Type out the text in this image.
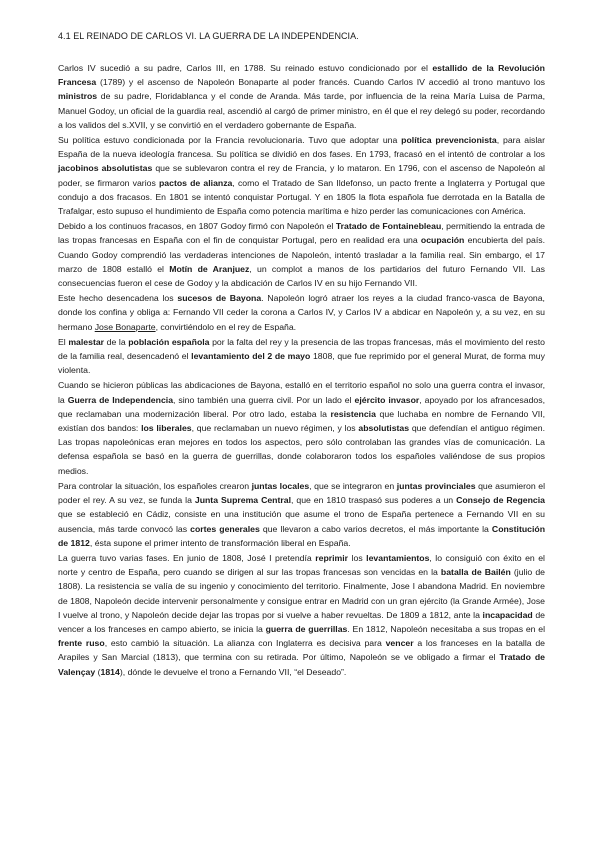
4.1 EL REINADO DE CARLOS VI. LA GUERRA DE LA INDEPENDENCIA.

Carlos IV sucedió a su padre, Carlos III, en 1788. Su reinado estuvo condicionado por el estallido de la Revolución Francesa (1789) y el ascenso de Napoleón Bonaparte al poder francés. Cuando Carlos IV accedió al trono mantuvo los ministros de su padre, Floridablanca y el conde de Aranda. Más tarde, por influencia de la reina María Luisa de Parma, Manuel Godoy, un oficial de la guardia real, ascendió al cargó de primer ministro, en él que el rey delegó su poder, recordando a los validos del s.XVII, y se convirtió en el verdadero gobernante de España.

Su política estuvo condicionada por la Francia revolucionaria. Tuvo que adoptar una política prevencionista, para aislar España de la nueva ideología francesa. Su política se dividió en dos fases. En 1793, fracasó en el intentó de controlar a los jacobinos absolutistas que se sublevaron contra el rey de Francia, y lo mataron. En 1796, con el ascenso de Napoleón al poder, se firmaron varios pactos de alianza, como el Tratado de San Ildefonso, un pacto frente a Inglaterra y Portugal que condujo a dos fracasos. En 1801 se intentó conquistar Portugal. Y en 1805 la flota española fue derrotada en la Batalla de Trafalgar, esto supuso el hundimiento de España como potencia marítima e hizo perder las comunicaciones con América.

Debido a los continuos fracasos, en 1807 Godoy firmó con Napoleón el Tratado de Fontainebleau, permitiendo la entrada de las tropas francesas en España con el fin de conquistar Portugal, pero en realidad era una ocupación encubierta del país. Cuando Godoy comprendió las verdaderas intenciones de Napoleón, intentó trasladar a la familia real. Sin embargo, el 17 marzo de 1808 estalló el Motín de Aranjuez, un complot a manos de los partidarios del futuro Fernando VII. Las consecuencias fueron el cese de Godoy y la abdicación de Carlos IV en su hijo Fernando VII.

Este hecho desencadena los sucesos de Bayona. Napoleón logró atraer los reyes a la ciudad franco-vasca de Bayona, donde los confina y obliga a: Fernando VII ceder la corona a Carlos IV, y Carlos IV a abdicar en Napoleón y, a su vez, en su hermano Jose Bonaparte, convirtiéndolo en el rey de España.

El malestar de la población española por la falta del rey y la presencia de las tropas francesas, más el movimiento del resto de la familia real, desencadenó el levantamiento del 2 de mayo 1808, que fue reprimido por el general Murat, de forma muy violenta.

Cuando se hicieron públicas las abdicaciones de Bayona, estalló en el territorio español no solo una guerra contra el invasor, la Guerra de Independencia, sino también una guerra civil. Por un lado el ejército invasor, apoyado por los afrancesados, que reclamaban una modernización liberal. Por otro lado, estaba la resistencia que luchaba en nombre de Fernando VII, existían dos bandos: los liberales, que reclamaban un nuevo régimen, y los absolutistas que defendían el antiguo régimen. Las tropas napoleónicas eran mejores en todos los aspectos, pero sólo controlaban las grandes vías de comunicación. La defensa española se basó en la guerra de guerrillas, donde colaboraron todos los españoles valiéndose de sus propios medios.

Para controlar la situación, los españoles crearon juntas locales, que se integraron en juntas provinciales que asumieron el poder el rey. A su vez, se funda la Junta Suprema Central, que en 1810 traspasó sus poderes a un Consejo de Regencia que se estableció en Cádiz, consiste en una institución que asume el trono de España pertenece a Fernando VII en su ausencia, más tarde convocó las cortes generales que llevaron a cabo varios decretos, el más importante la Constitución de 1812, ésta supone el primer intento de transformación liberal en España.

La guerra tuvo varias fases. En junio de 1808, José I pretendía reprimir los levantamientos, lo consiguió con éxito en el norte y centro de España, pero cuando se dirigen al sur las tropas francesas son vencidas en la batalla de Bailén (julio de 1808). La resistencia se valía de su ingenio y conocimiento del territorio. Finalmente, Jose I abandona Madrid. En noviembre de 1808, Napoleón decide intervenir personalmente y consigue entrar en Madrid con un gran ejército (la Grande Armée), Jose I vuelve al trono, y Napoleón decide dejar las tropas por si vuelve a haber revueltas. De 1809 a 1812, ante la incapacidad de vencer a los franceses en campo abierto, se inicia la guerra de guerrillas. En 1812, Napoleón necesitaba a sus tropas en el frente ruso, esto cambió la situación. La alianza con Inglaterra es decisiva para vencer a los franceses en la batalla de Arapiles y San Marcial (1813), que termina con su retirada. Por último, Napoleón se ve obligado a firmar el Tratado de Valençay (1814), dónde le devuelve el trono a Fernando VII, “el Deseado”.
